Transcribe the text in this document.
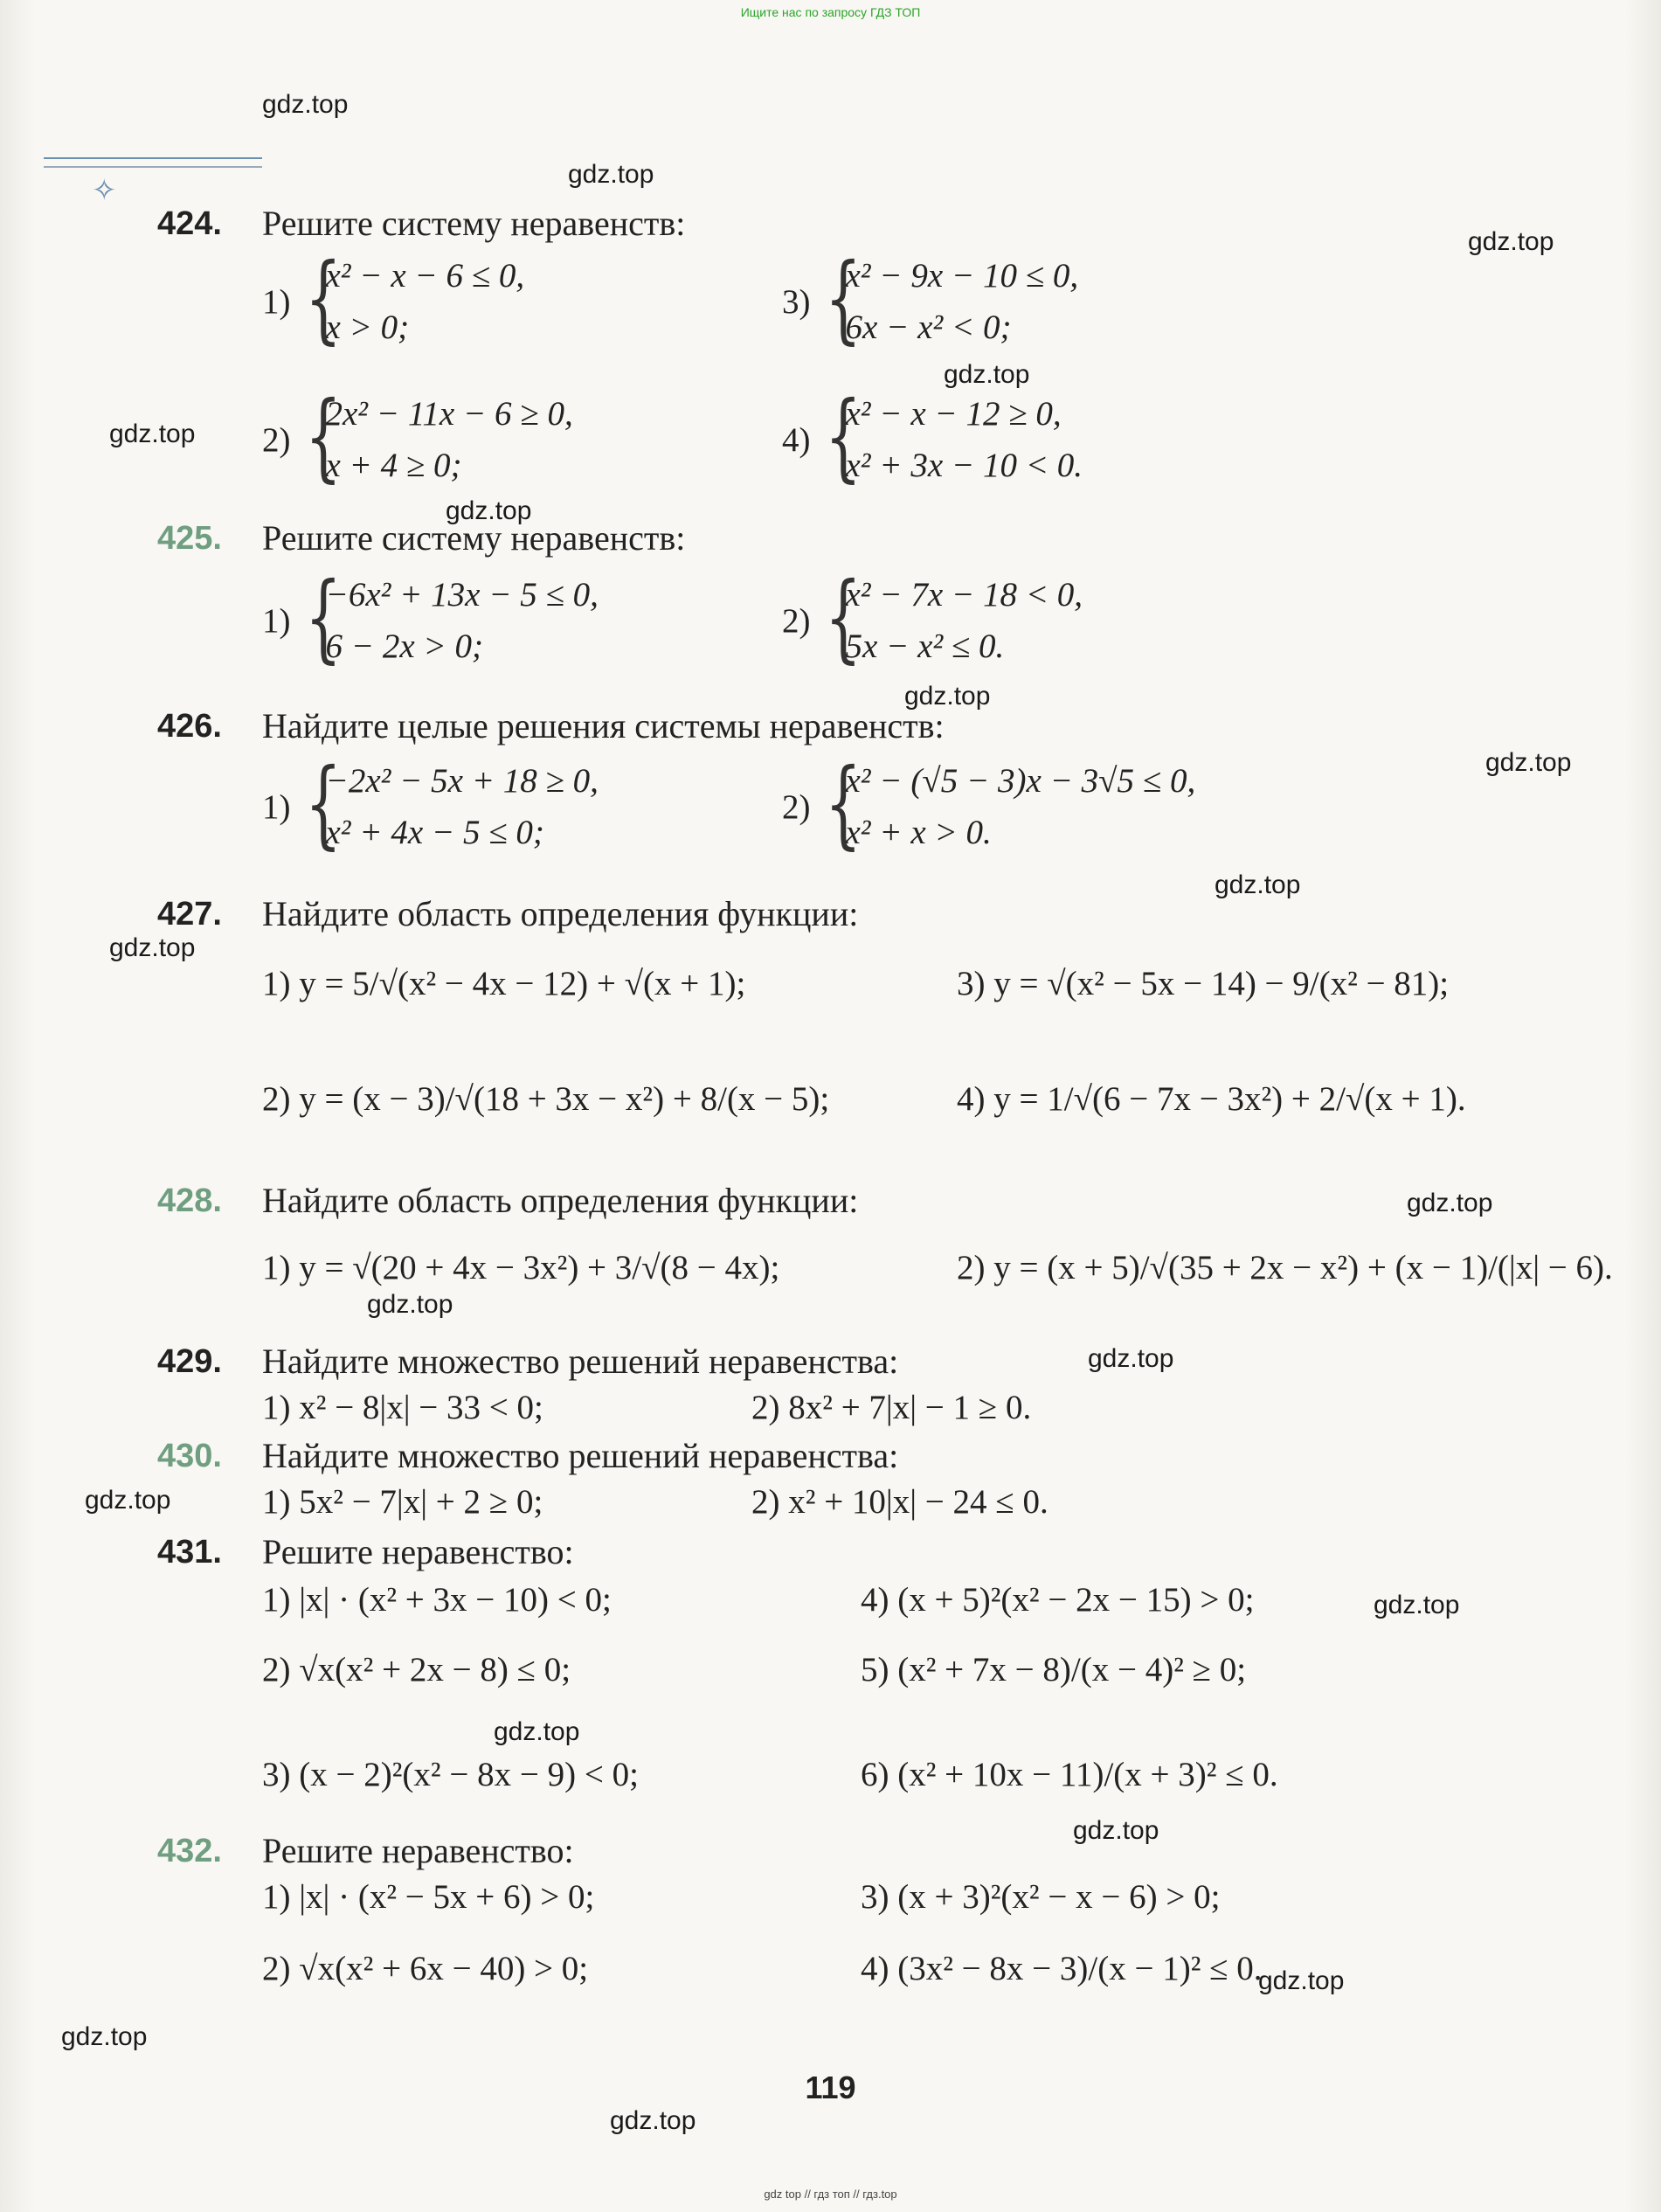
Ищите нас по запросу ГДЗ ТОП
✧
gdz.top
gdz.top
gdz.top
gdz.top
gdz.top
gdz.top
gdz.top
gdz.top
gdz.top
gdz.top
gdz.top
gdz.top
gdz.top
gdz.top
gdz.top
gdz.top
gdz.top
gdz.top
gdz.top
gdz.top
424. Решите систему неравенств:
1) {
x² − x − 6 ≤ 0,
x > 0;
3) {
x² − 9x − 10 ≤ 0,
6x − x² < 0;
2) {
2x² − 11x − 6 ≥ 0,
x + 4 ≥ 0;
4) {
x² − x − 12 ≥ 0,
x² + 3x − 10 < 0.
425. Решите систему неравенств:
1) {
−6x² + 13x − 5 ≤ 0,
6 − 2x > 0;
2) {
x² − 7x − 18 < 0,
5x − x² ≤ 0.
426. Найдите целые решения системы неравенств:
1) {
−2x² − 5x + 18 ≥ 0,
x² + 4x − 5 ≤ 0;
2) {
x² − (√5 − 3)x − 3√5 ≤ 0,
x² + x > 0.
427. Найдите область определения функции:
1) y = 5/√(x² − 4x − 12) + √(x + 1);	3) y = √(x² − 5x − 14) − 9/(x² − 81);
2) y = (x − 3)/√(18 + 3x − x²) + 8/(x − 5);	4) y = 1/√(6 − 7x − 3x²) + 2/√(x + 1).
428. Найдите область определения функции:
1) y = √(20 + 4x − 3x²) + 3/√(8 − 4x);	2) y = (x + 5)/√(35 + 2x − x²) + (x − 1)/(|x| − 6).
429. Найдите множество решений неравенства:
1) x² − 8|x| − 33 < 0;	2) 8x² + 7|x| − 1 ≥ 0.
430. Найдите множество решений неравенства:
1) 5x² − 7|x| + 2 ≥ 0;	2) x² + 10|x| − 24 ≤ 0.
431. Решите неравенство:
1) |x| · (x² + 3x − 10) < 0;	4) (x + 5)²(x² − 2x − 15) > 0;
2) √x(x² + 2x − 8) ≤ 0;	5) (x² + 7x − 8)/(x − 4)² ≥ 0;
3) (x − 2)²(x² − 8x − 9) < 0;	6) (x² + 10x − 11)/(x + 3)² ≤ 0.
432. Решите неравенство:
1) |x| · (x² − 5x + 6) > 0;	3) (x + 3)²(x² − x − 6) > 0;
2) √x(x² + 6x − 40) > 0;	4) (3x² − 8x − 3)/(x − 1)² ≤ 0.
119
gdz top // гдз топ // гдз.top
